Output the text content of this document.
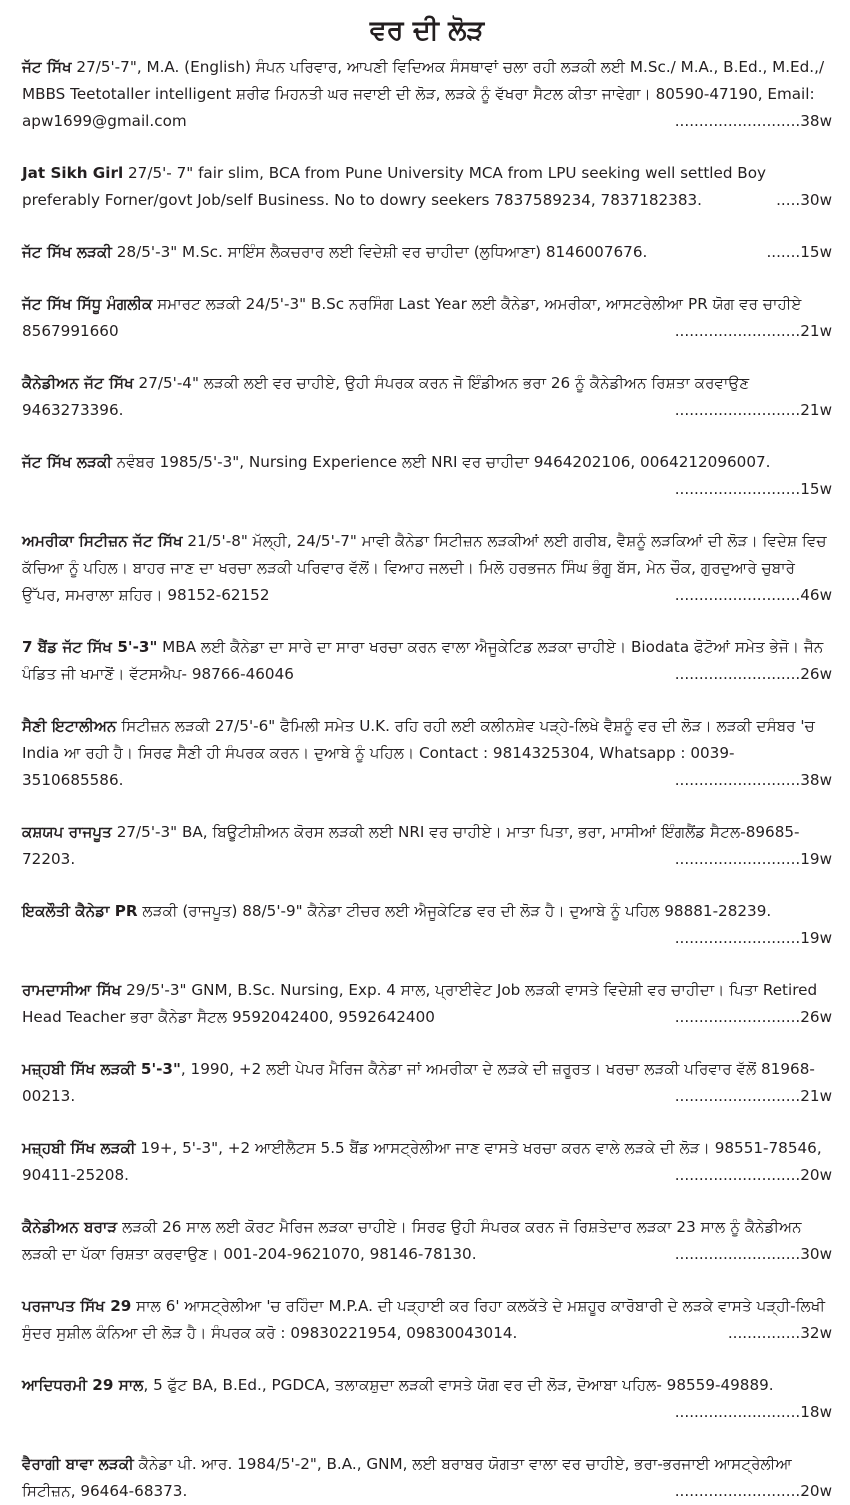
ਵਰ ਦੀ ਲੋੜ
ਜੱਟ ਸਿੱਖ 27/5'-7", M.A. (English) ਸੰਪਨ ਪਰਿਵਾਰ, ਆਪਣੀ ਵਿਦਿਅਕ ਸੰਸਥਾਵਾਂ ਚਲਾ ਰਹੀ ਲੜਕੀ ਲਈ M.Sc./ M.A., B.Ed., M.Ed.,/ MBBS Teetotaller intelligent ਸ਼ਰੀਫ ਮਿਹਨਤੀ ਘਰ ਜਵਾਈ ਦੀ ਲੋੜ, ਲੜਕੇ ਨੂੰ ਵੱਖਰਾ ਸੈਟਲ ਕੀਤਾ ਜਾਵੇਗਾ। 80590-47190, Email: apw1699@gmail.com	..........................38w
Jat Sikh Girl 27/5'- 7" fair slim, BCA from Pune University MCA from LPU seeking well settled Boy preferably Forner/govt Job/self Business. No to dowry seekers 7837589234, 7837182383.	.....30w
ਜੱਟ ਸਿੱਖ ਲੜਕੀ 28/5'-3" M.Sc. ਸਾਇੰਸ ਲੈਕਚਰਾਰ ਲਈ ਵਿਦੇਸ਼ੀ ਵਰ ਚਾਹੀਦਾ (ਲੁਧਿਆਣਾ) 8146007676.	.......15w
ਜੱਟ ਸਿੱਖ ਸਿੱਧੂ ਮੰਗਲੀਕ ਸਮਾਰਟ ਲੜਕੀ 24/5'-3" B.Sc ਨਰਸਿੰਗ Last Year ਲਈ ਕੈਨੇਡਾ, ਅਮਰੀਕਾ, ਆਸਟਰੇਲੀਆ PR ਯੋਗ ਵਰ ਚਾਹੀਏ 8567991660	..........................21w
ਕੈਨੇਡੀਅਨ ਜੱਟ ਸਿੱਖ 27/5'-4" ਲੜਕੀ ਲਈ ਵਰ ਚਾਹੀਏ, ਉਹੀ ਸੰਪਰਕ ਕਰਨ ਜੋ ਇੰਡੀਅਨ ਭਰਾ 26 ਨੂੰ ਕੈਨੇਡੀਅਨ ਰਿਸ਼ਤਾ ਕਰਵਾਉਣ 9463273396.	..........................21w
ਜੱਟ ਸਿੱਖ ਲੜਕੀ ਨਵੰਬਰ 1985/5'-3", Nursing Experience ਲਈ NRI ਵਰ ਚਾਹੀਦਾ 9464202106, 0064212096007.
..........................15w
ਅਮਰੀਕਾ ਸਿਟੀਜ਼ਨ ਜੱਟ ਸਿੱਖ 21/5'-8" ਮੱਲ੍ਹੀ, 24/5'-7" ਮਾਵੀ ਕੈਨੇਡਾ ਸਿਟੀਜ਼ਨ ਲੜਕੀਆਂ ਲਈ ਗਰੀਬ, ਵੈਸ਼ਨੂੰ ਲੜਕਿਆਂ ਦੀ ਲੋੜ। ਵਿਦੇਸ਼ ਵਿਚ ਕੱਚਿਆ ਨੂੰ ਪਹਿਲ। ਬਾਹਰ ਜਾਣ ਦਾ ਖਰਚਾ ਲੜਕੀ ਪਰਿਵਾਰ ਵੱਲੋਂ। ਵਿਆਹ ਜਲਦੀ। ਮਿਲੋ ਹਰਭਜਨ ਸਿੰਘ ਭੰਗੂ ਬੱਸ, ਮੇਨ ਚੌਕ, ਗੁਰਦੁਆਰੇ ਚੁਬਾਰੇ ਉੱਪਰ, ਸਮਰਾਲਾ ਸ਼ਹਿਰ। 98152-62152	..........................46w
7 ਬੈਂਡ ਜੱਟ ਸਿੱਖ 5'-3" MBA ਲਈ ਕੈਨੇਡਾ ਦਾ ਸਾਰੇ ਦਾ ਸਾਰਾ ਖਰਚਾ ਕਰਨ ਵਾਲਾ ਐਜੂਕੇਟਿਡ ਲੜਕਾ ਚਾਹੀਏ। Biodata ਫੋਟੋਆਂ ਸਮੇਤ ਭੇਜੋ। ਜੈਨ ਪੰਡਿਤ ਜੀ ਖਮਾਣੋਂ। ਵੱਟਸਐਪ- 98766-46046	..........................26w
ਸੈਣੀ ਇਟਾਲੀਅਨ ਸਿਟੀਜ਼ਨ ਲੜਕੀ 27/5'-6" ਫੈਮਿਲੀ ਸਮੇਤ U.K. ਰਹਿ ਰਹੀ ਲਈ ਕਲੀਨਸ਼ੇਵ ਪੜ੍ਹੇ-ਲਿਖੇ ਵੈਸ਼ਨੂੰ ਵਰ ਦੀ ਲੋੜ। ਲੜਕੀ ਦਸੰਬਰ 'ਚ India ਆ ਰਹੀ ਹੈ। ਸਿਰਫ ਸੈਣੀ ਹੀ ਸੰਪਰਕ ਕਰਨ। ਦੁਆਬੇ ਨੂੰ ਪਹਿਲ। Contact : 9814325304, Whatsapp : 0039-3510685586.	..........................38w
ਕਸ਼ਯਪ ਰਾਜਪੂਤ 27/5'-3" BA, ਬਿਊਟੀਸ਼ੀਅਨ ਕੋਰਸ ਲੜਕੀ ਲਈ NRI ਵਰ ਚਾਹੀਏ। ਮਾਤਾ ਪਿਤਾ, ਭਰਾ, ਮਾਸੀਆਂ ਇੰਗਲੈਂਡ ਸੈਟਲ-89685-72203.	..........................19w
ਇਕਲੌਤੀ ਕੈਨੇਡਾ PR ਲੜਕੀ (ਰਾਜਪੂਤ) 88/5'-9" ਕੈਨੇਡਾ ਟੀਚਰ ਲਈ ਐਜੂਕੇਟਿਡ ਵਰ ਦੀ ਲੋੜ ਹੈ। ਦੁਆਬੇ ਨੂੰ ਪਹਿਲ 98881-28239.
..........................19w
ਰਾਮਦਾਸੀਆ ਸਿੱਖ 29/5'-3" GNM, B.Sc. Nursing, Exp. 4 ਸਾਲ, ਪ੍ਰਾਈਵੇਟ Job ਲੜਕੀ ਵਾਸਤੇ ਵਿਦੇਸ਼ੀ ਵਰ ਚਾਹੀਦਾ। ਪਿਤਾ Retired Head Teacher ਭਰਾ ਕੈਨੇਡਾ ਸੈਟਲ 9592042400, 9592642400	..........................26w
ਮਜ਼੍ਹਬੀ ਸਿੱਖ ਲੜਕੀ 5'-3", 1990, +2 ਲਈ ਪੇਪਰ ਮੈਰਿਜ ਕੈਨੇਡਾ ਜਾਂ ਅਮਰੀਕਾ ਦੇ ਲੜਕੇ ਦੀ ਜ਼ਰੂਰਤ। ਖਰਚਾ ਲੜਕੀ ਪਰਿਵਾਰ ਵੱਲੋਂ 81968-00213.	..........................21w
ਮਜ਼੍ਹਬੀ ਸਿੱਖ ਲੜਕੀ 19+, 5'-3", +2 ਆਈਲੈਟਸ 5.5 ਬੈਂਡ ਆਸਟ੍ਰੇਲੀਆ ਜਾਣ ਵਾਸਤੇ ਖਰਚਾ ਕਰਨ ਵਾਲੇ ਲੜਕੇ ਦੀ ਲੋੜ। 98551-78546, 90411-25208.	..........................20w
ਕੈਨੇਡੀਅਨ ਬਰਾੜ ਲੜਕੀ 26 ਸਾਲ ਲਈ ਕੋਰਟ ਮੈਰਿਜ ਲੜਕਾ ਚਾਹੀਏ। ਸਿਰਫ ਉਹੀ ਸੰਪਰਕ ਕਰਨ ਜੋ ਰਿਸ਼ਤੇਦਾਰ ਲੜਕਾ 23 ਸਾਲ ਨੂੰ ਕੈਨੇਡੀਅਨ ਲੜਕੀ ਦਾ ਪੱਕਾ ਰਿਸ਼ਤਾ ਕਰਵਾਉਣ। 001-204-9621070, 98146-78130.	..........................30w
ਪਰਜਾਪਤ ਸਿੱਖ 29 ਸਾਲ 6' ਆਸਟ੍ਰੇਲੀਆ 'ਚ ਰਹਿੰਦਾ M.P.A. ਦੀ ਪੜ੍ਹਾਈ ਕਰ ਰਿਹਾ ਕਲਕੱਤੇ ਦੇ ਮਸ਼ਹੂਰ ਕਾਰੋਬਾਰੀ ਦੇ ਲੜਕੇ ਵਾਸਤੇ ਪੜ੍ਹੀ-ਲਿਖੀ ਸੁੰਦਰ ਸੁਸ਼ੀਲ ਕੰਨਿਆ ਦੀ ਲੋੜ ਹੈ। ਸੰਪਰਕ ਕਰੋ : 09830221954, 09830043014.	...............32w
ਆਦਿਧਰਮੀ 29 ਸਾਲ, 5 ਫੁੱਟ BA, B.Ed., PGDCA, ਤਲਾਕਸ਼ੁਦਾ ਲੜਕੀ ਵਾਸਤੇ ਯੋਗ ਵਰ ਦੀ ਲੋੜ, ਦੋਆਬਾ ਪਹਿਲ- 98559-49889.
..........................18w
ਵੈਰਾਗੀ ਬਾਵਾ ਲੜਕੀ ਕੈਨੇਡਾ ਪੀ. ਆਰ. 1984/5'-2", B.A., GNM, ਲਈ ਬਰਾਬਰ ਯੋਗਤਾ ਵਾਲਾ ਵਰ ਚਾਹੀਏ, ਭਰਾ-ਭਰਜਾਈ ਆਸਟ੍ਰੇਲੀਆ ਸਿਟੀਜ਼ਨ, 96464-68373.	..........................20w
